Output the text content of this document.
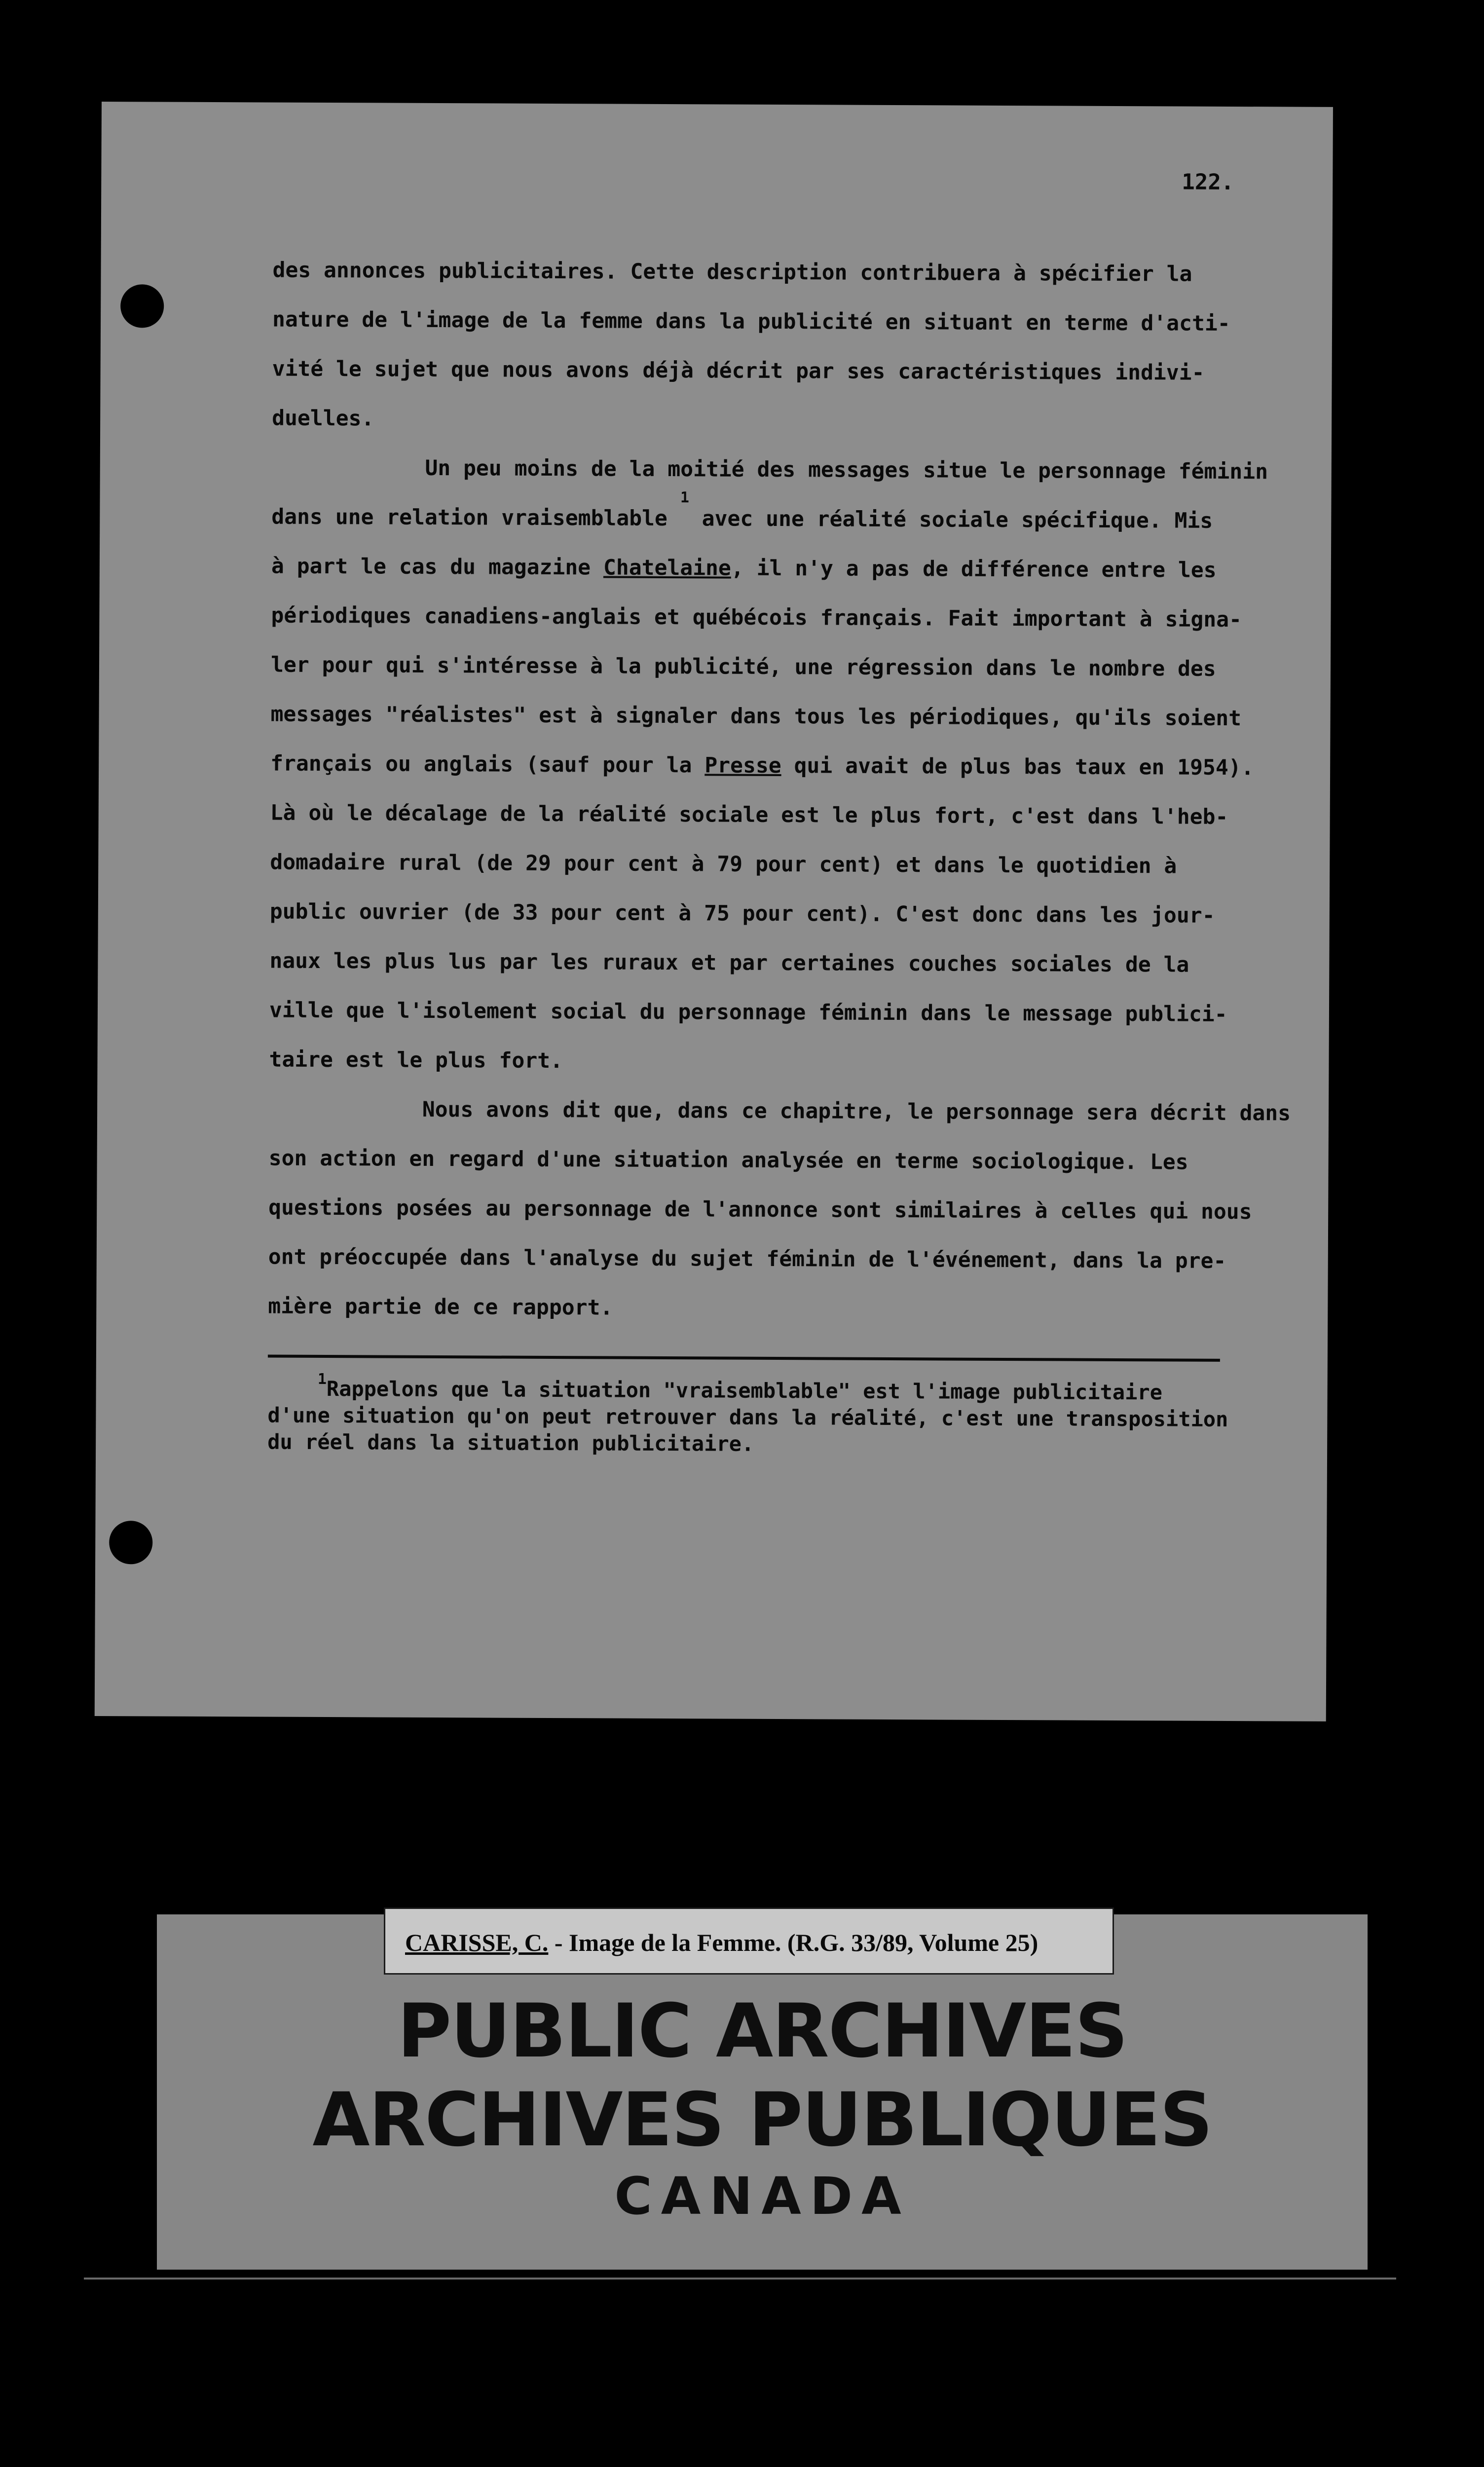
122.
des annonces publicitaires. Cette description contribuera à spécifier la
nature de l'image de la femme dans la publicité en situant en terme d'acti-
vité le sujet que nous avons déjà décrit par ses caractéristiques indivi-
duelles.
Un peu moins de la moitié des messages situe le personnage féminin
dans une relation vraisemblable $^1$ avec une réalité sociale spécifique. Mis
à part le cas du magazine Chatelaine, il n'y a pas de différence entre les
périodiques canadiens-anglais et québécois français. Fait important à signa-
ler pour qui s'intéresse à la publicité, une régression dans le nombre des
messages "réalistes" est à signaler dans tous les périodiques, qu'ils soient
français ou anglais (sauf pour la Presse qui avait de plus bas taux en 1954).
Là où le décalage de la réalité sociale est le plus fort, c'est dans l'heb-
domadaire rural (de 29 pour cent à 79 pour cent) et dans le quotidien à
public ouvrier (de 33 pour cent à 75 pour cent). C'est donc dans les jour-
naux les plus lus par les ruraux et par certaines couches sociales de la
ville que l'isolement social du personnage féminin dans le message publici-
taire est le plus fort.
Nous avons dit que, dans ce chapitre, le personnage sera décrit dans
son action en regard d'une situation analysée en terme sociologique. Les
questions posées au personnage de l'annonce sont similaires à celles qui nous
ont préoccupée dans l'analyse du sujet féminin de l'événement, dans la pre-
mière partie de ce rapport.
$^1$Rappelons que la situation "vraisemblable" est l'image publicitaire
d'une situation qu'on peut retrouver dans la réalité, c'est une transposition
du réel dans la situation publicitaire.
CARISSE, C. - Image de la Femme. (R.G. 33/89, Volume 25)
PUBLIC ARCHIVES
ARCHIVES PUBLIQUES
CANADA
